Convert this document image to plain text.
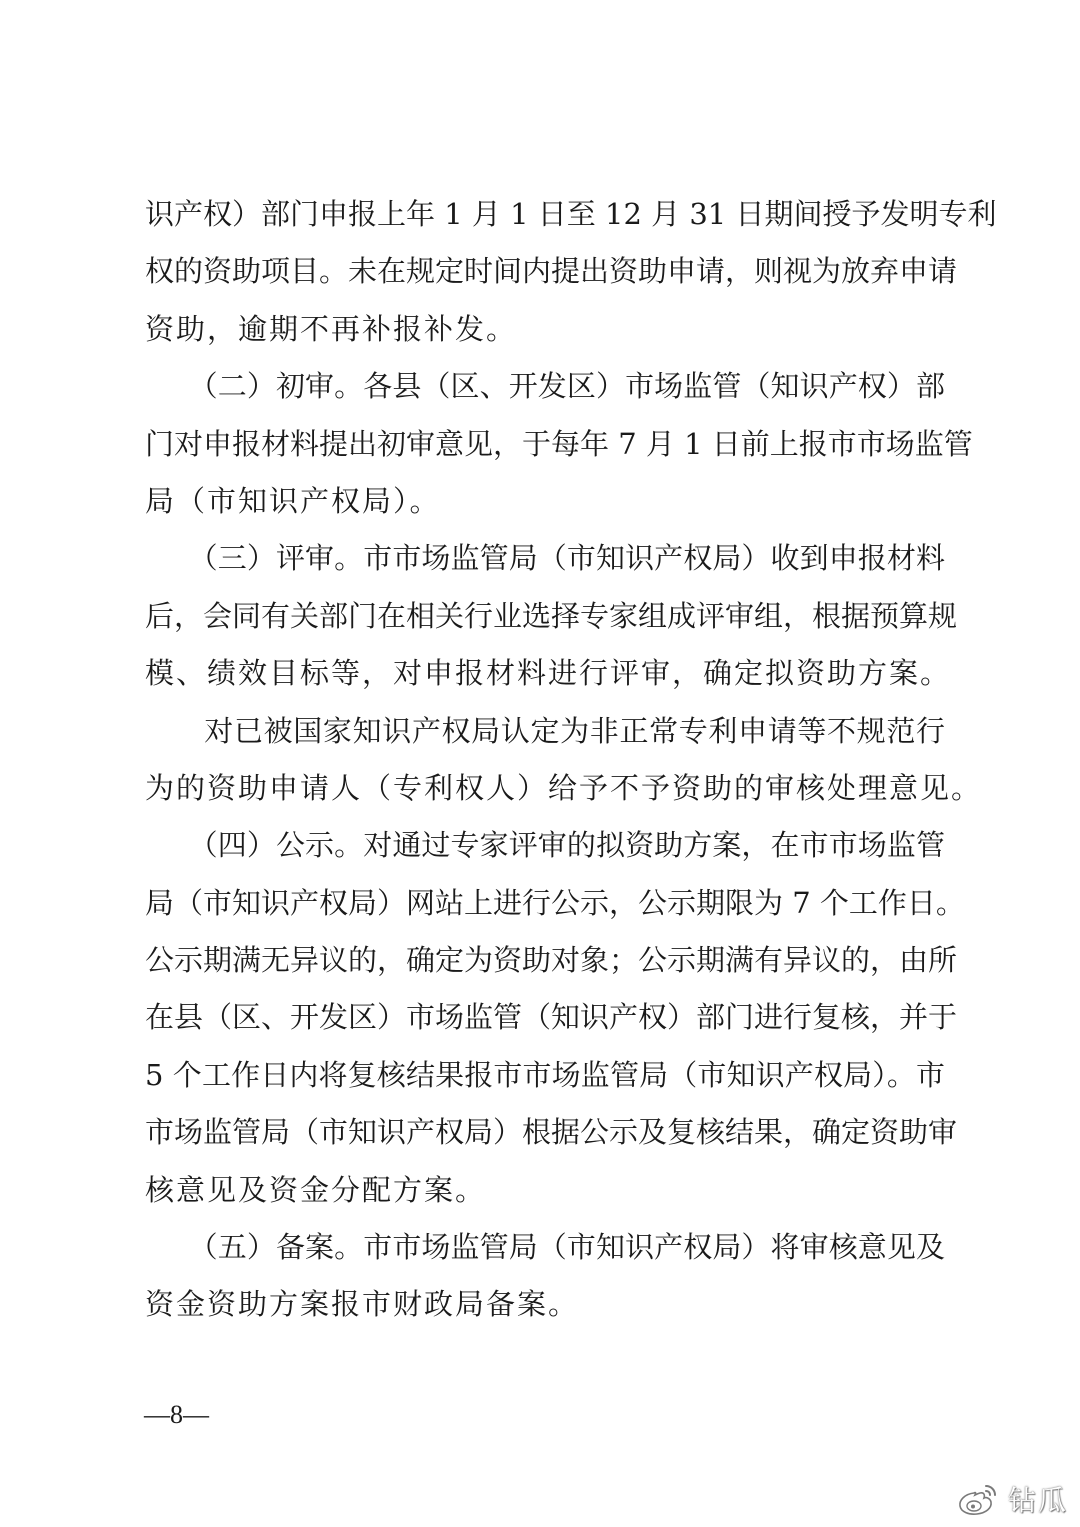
识产权）部门申报上年 1 月 1 日至 12 月 31 日期间授予发明专利
权的资助项目。未在规定时间内提出资助申请，则视为放弃申请
资助，逾期不再补报补发。
　　（二）初审。各县（区、开发区）市场监管（知识产权）部
门对申报材料提出初审意见，于每年 7 月 1 日前上报市市场监管
局（市知识产权局）。
　　（三）评审。市市场监管局（市知识产权局）收到申报材料
后，会同有关部门在相关行业选择专家组成评审组，根据预算规
模、绩效目标等，对申报材料进行评审，确定拟资助方案。
　　对已被国家知识产权局认定为非正常专利申请等不规范行
为的资助申请人（专利权人）给予不予资助的审核处理意见。
　　（四）公示。对通过专家评审的拟资助方案，在市市场监管
局（市知识产权局）网站上进行公示，公示期限为 7 个工作日。
公示期满无异议的，确定为资助对象；公示期满有异议的，由所
在县（区、开发区）市场监管（知识产权）部门进行复核，并于
5 个工作日内将复核结果报市市场监管局（市知识产权局）。市
市场监管局（市知识产权局）根据公示及复核结果，确定资助审
核意见及资金分配方案。
　　（五）备案。市市场监管局（市知识产权局）将审核意见及
资金资助方案报市财政局备案。
—8—
钻瓜
